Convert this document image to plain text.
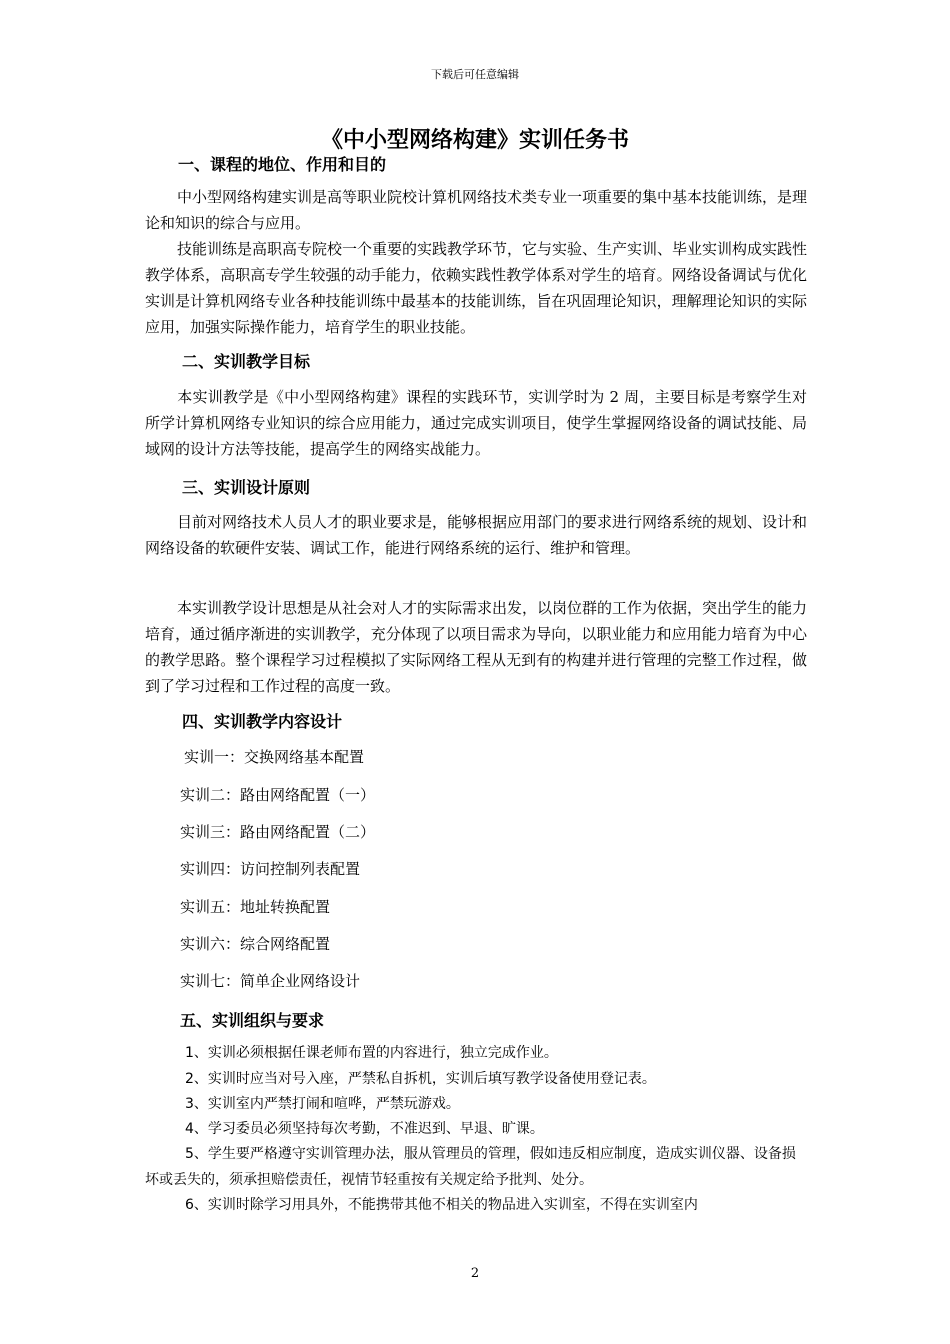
下载后可任意编辑
《中小型网络构建》实训任务书
一、课程的地位、作用和目的
中小型网络构建实训是高等职业院校计算机网络技术类专业一项重要的集中基本技能训练，是理论和知识的综合与应用。
技能训练是高职高专院校一个重要的实践教学环节，它与实验、生产实训、毕业实训构成实践性教学体系，高职高专学生较强的动手能力，依赖实践性教学体系对学生的培育。网络设备调试与优化实训是计算机网络专业各种技能训练中最基本的技能训练，旨在巩固理论知识，理解理论知识的实际应用，加强实际操作能力，培育学生的职业技能。
二、实训教学目标
本实训教学是《中小型网络构建》课程的实践环节，实训学时为 2 周，主要目标是考察学生对所学计算机网络专业知识的综合应用能力，通过完成实训项目，使学生掌握网络设备的调试技能、局域网的设计方法等技能，提高学生的网络实战能力。
三、实训设计原则
目前对网络技术人员人才的职业要求是，能够根据应用部门的要求进行网络系统的规划、设计和网络设备的软硬件安装、调试工作，能进行网络系统的运行、维护和管理。
本实训教学设计思想是从社会对人才的实际需求出发，以岗位群的工作为依据，突出学生的能力培育，通过循序渐进的实训教学，充分体现了以项目需求为导向，以职业能力和应用能力培育为中心的教学思路。整个课程学习过程模拟了实际网络工程从无到有的构建并进行管理的完整工作过程，做到了学习过程和工作过程的高度一致。
四、实训教学内容设计
实训一：交换网络基本配置
实训二：路由网络配置（一）
实训三：路由网络配置（二）
实训四：访问控制列表配置
实训五：地址转换配置
实训六：综合网络配置
实训七：简单企业网络设计
五、实训组织与要求
1、实训必须根据任课老师布置的内容进行，独立完成作业。
2、实训时应当对号入座，严禁私自拆机，实训后填写教学设备使用登记表。
3、实训室内严禁打闹和喧哗，严禁玩游戏。
4、学习委员必须坚持每次考勤，不准迟到、早退、旷课。
5、学生要严格遵守实训管理办法，服从管理员的管理，假如违反相应制度，造成实训仪器、设备损坏或丢失的，须承担赔偿责任，视情节轻重按有关规定给予批判、处分。
6、实训时除学习用具外，不能携带其他不相关的物品进入实训室，不得在实训室内
2
